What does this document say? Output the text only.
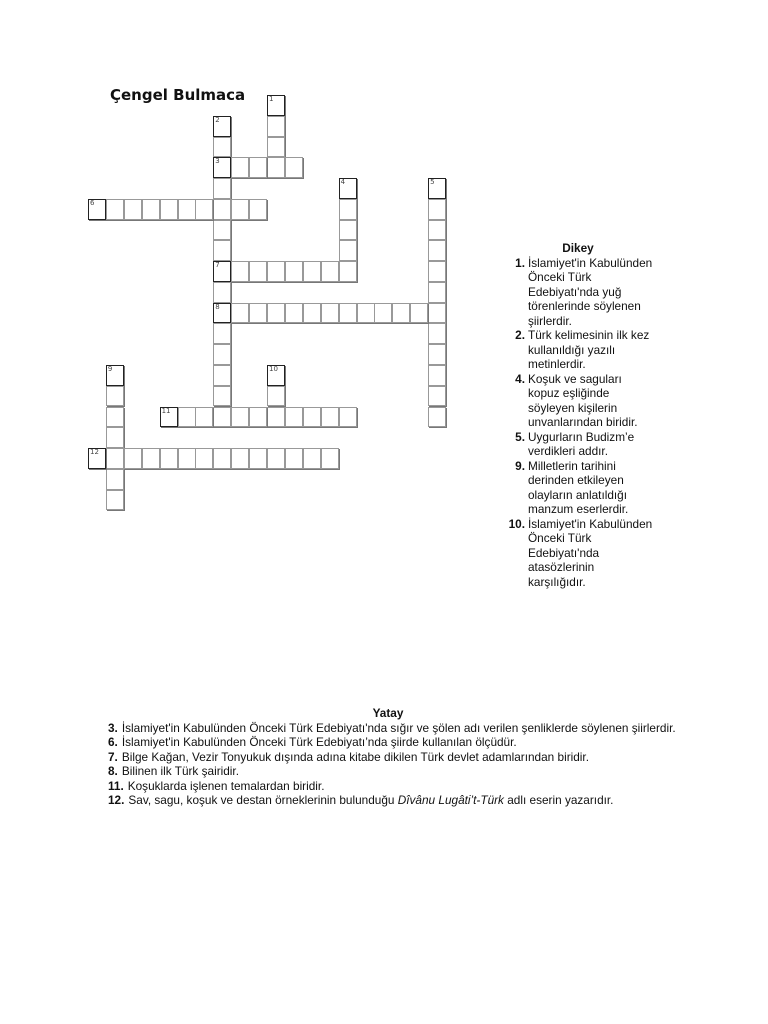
Çengel Bulmaca	1
2
3
7
8
4	5
6
9	10
11
12
Dikey
1. İslamiyet'in Kabulünden Önceki Türk Edebiyatı'nda yuğ törenlerinde söylenen şiirlerdir.
2. Türk kelimesinin ilk kez kullanıldığı yazılı metinlerdir.
4. Koşuk ve saguları kopuz eşliğinde söyleyen kişilerin unvanlarından biridir.
5. Uygurların Budizm’e verdikleri addır.
9. Milletlerin tarihini derinden etkileyen olayların anlatıldığı manzum eserlerdir.
10. İslamiyet'in Kabulünden Önceki Türk Edebiyatı'nda atasözlerinin karşılığıdır.
Yatay
3. İslamiyet'in Kabulünden Önceki Türk Edebiyatı'nda sığır ve şölen adı verilen şenliklerde söylenen şiirlerdir.
6. İslamiyet'in Kabulünden Önceki Türk Edebiyatı’nda şiirde kullanılan ölçüdür.
7. Bilge Kağan, Vezir Tonyukuk dışında adına kitabe dikilen Türk devlet adamlarından biridir.
8. Bilinen ilk Türk şairidir.
11. Koşuklarda işlenen temalardan biridir.
12. Sav, sagu, koşuk ve destan örneklerinin bulunduğu Dîvânu Lugâti’t-Türk adlı eserin yazarıdır.
